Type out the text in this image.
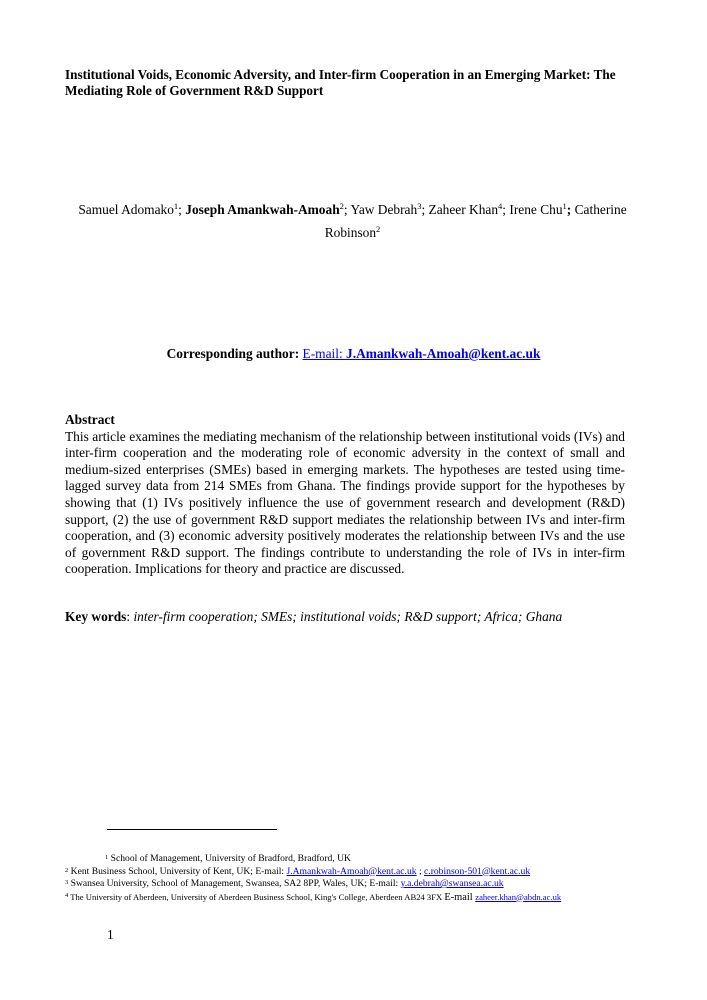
Institutional Voids, Economic Adversity, and Inter-firm Cooperation in an Emerging Market: The Mediating Role of Government R&D Support
Samuel Adomako$^1$; Joseph Amankwah-Amoah$^2$; Yaw Debrah$^3$; Zaheer Khan$^4$; Irene Chu$^1$; Catherine Robinson$^2$
Corresponding author: E-mail: J.Amankwah-Amoah@kent.ac.uk
Abstract

This article examines the mediating mechanism of the relationship between institutional voids (IVs) and inter-firm cooperation and the moderating role of economic adversity in the context of small and medium-sized enterprises (SMEs) based in emerging markets. The hypotheses are tested using time-lagged survey data from 214 SMEs from Ghana. The findings provide support for the hypotheses by showing that (1) IVs positively influence the use of government research and development (R&D) support, (2) the use of government R&D support mediates the relationship between IVs and inter-firm cooperation, and (3) economic adversity positively moderates the relationship between IVs and the use of government R&D support. The findings contribute to understanding the role of IVs in inter-firm cooperation. Implications for theory and practice are discussed.

Key words: inter-firm cooperation; SMEs; institutional voids; R&D support; Africa; Ghana
$^1$ School of Management, University of Bradford, Bradford, UK
$^2$ Kent Business School, University of Kent, UK; E-mail: J.Amankwah-Amoah@kent.ac.uk ; c.robinson-501@kent.ac.uk
$^3$ Swansea University, School of Management, Swansea, SA2 8PP, Wales, UK; E-mail: y.a.debrah@swansea.ac.uk
$^4$ The University of Aberdeen, University of Aberdeen Business School, King's College, Aberdeen AB24 3FX E-mail zaheer.khan@abdn.ac.uk
1
